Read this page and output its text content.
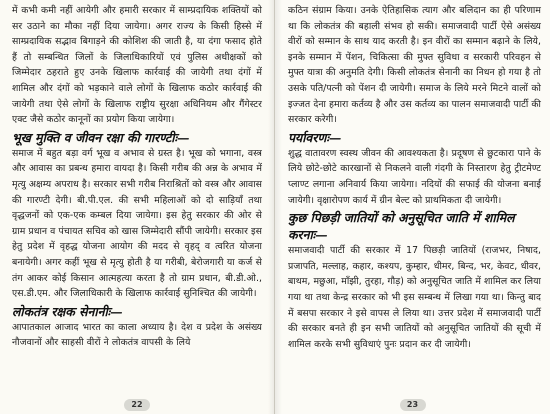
में कभी कमी नहीं आयेगी और हमारी सरकार में साम्प्रदायिक शक्तियों को सर उठाने का मौका नहीं दिया जायेगा। अगर राज्य के किसी हिस्से में साम्प्रदायिक सद्भाव बिगाड़ने की कोशिश की जाती है, या दंगा फसाद होते हैं तो सम्बन्धित जिलों के जिलाधिकारियों एवं पुलिस अधीक्षकों को जिम्मेदार ठहराते हुए उनके खिलाफ कार्रवाई की जायेगी तथा दंगों में शामिल और दंगों को भड़काने वाले लोगों के खिलाफ कठोर कार्रवाई की जायेगी तथा ऐसे लोगों के खिलाफ राष्ट्रीय सुरक्षा अधिनियम और गैंगेस्टर एक्ट जैसे कठोर कानूनों का प्रयोग किया जायेगा।

भूख मुक्ति व जीवन रक्षा की गारण्टीः—

समाज में बहुत बड़ा वर्ग भूख व अभाव से ग्रस्त है। भूख को भगाना, वस्त्र और आवास का प्रबन्ध हमारा वायदा है। किसी गरीब की अन्न के अभाव में मृत्यु अक्षम्य अपराध है। सरकार सभी गरीब निराश्रितों को वस्त्र और आवास की गारण्टी देगी। बी.पी.एल. की सभी महिलाओं को दो साड़ियाँ तथा वृद्धजनों को एक-एक कम्बल दिया जायेगा। इस हेतु सरकार की ओर से ग्राम प्रधान व पंचायत सचिव को खास जिम्मेदारी सौंपी जायेगी। सरकार इस हेतु प्रदेश में वृहद्ध योजना आयोग की मदद से वृहद् व त्वरित योजना बनायेगी। अगर कहीं भूख से मृत्यु होती है या गरीबी, बेरोजगारी या कर्ज से तंग आकर कोई किसान आत्महत्या करता है तो ग्राम प्रधान, बी.डी.ओ., एस.डी.एम. और जिलाधिकारी के खिलाफ कार्रवाई सुनिश्चित की जायेगी।

लोकतंत्र रक्षक सेनानीः—

आपातकाल आजाद भारत का काला अध्याय है। देश व प्रदेश के असंख्य नौजवानों और साहसी वीरों ने लोकतंत्र वापसी के लिये

22

कठिन संग्राम किया। उनके ऐतिहासिक त्याग और बलिदान का ही परिणाम था कि लोकतंत्र की बहाली संभव हो सकी। समाजवादी पार्टी ऐसे असंख्य वीरों को सम्मान के साथ याद करती है। इन वीरों का सम्मान बढ़ाने के लिये, इनके सम्मान में पेंशन, चिकित्सा की मुफ्त सुविधा व सरकारी परिवहन से मुफ्त यात्रा की अनुमति देगी। किसी लोकतंत्र सेनानी का निधन हो गया है तो उसके पति/पत्नी को पेंशन दी जायेगी। समाज के लिये मरने मिटने वालों को इज्जत देना हमारा कर्तव्य है और उस कर्तव्य का पालन समाजवादी पार्टी की सरकार करेगी।

पर्यावरणः—

शुद्ध वातावरण स्वस्थ जीवन की आवश्यकता है। प्रदूषण से छुटकारा पाने के लिये छोटे-छोटे कारखानों से निकलने वाली गंदगी के निस्तारण हेतु ट्रीटमेण्ट प्लाण्ट लगाना अनिवार्य किया जायेगा। नदियों की सफाई की योजना बनाई जायेगी। वृक्षारोपण कार्य में ग्रीन बेल्ट को प्राथमिकता दी जायेगी।

कुछ पिछड़ी जातियों को अनुसूचित जाति में शामिल करनाः—

समाजवादी पार्टी की सरकार में 17 पिछड़ी जातियों (राजभर, निषाद, प्रजापति, मल्लाह, कहार, कश्यप, कुम्हार, धीमर, बिन्द, भर, केवट, धीवर, बाथम, मछुआ, माँझी, तुरहा, गौड़) को अनुसूचित जाति में शामिल कर लिया गया था तथा केन्द्र सरकार को भी इस सम्बन्ध में लिखा गया था। किन्तु बाद में बसपा सरकार ने इसे वापस ले लिया था। उत्तर प्रदेश में समाजवादी पार्टी की सरकार बनते ही इन सभी जातियों को अनुसूचित जातियों की सूची में शामिल करके सभी सुविधाएं पुनः प्रदान कर दी जायेगी।

23
